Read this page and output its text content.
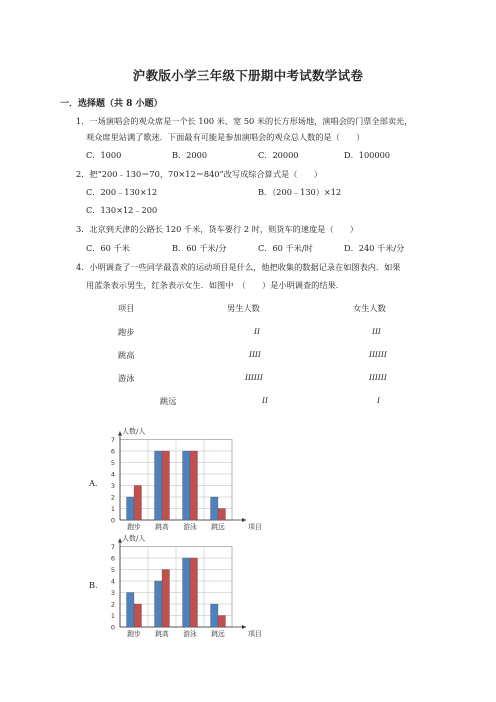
沪教版小学三年级下册期中考试数学试卷
一．选择题（共 8 小题）
1．一场演唱会的观众席是一个长 100 米、宽 50 米的长方形场地，演唱会的门票全部卖光，
观众席里站满了歌迷．下面最有可能是参加演唱会的观众总人数的是（　　）
C．1000	B．2000	C．20000	D．100000
2．把“200﹣130＝70，70×12＝840”改写成综合算式是（　　）
C．200﹣130×12	B．（200﹣130）×12
C．130×12﹣200
3．北京到天津的公路长 120 千米，货车要行 2 时，则货车的速度是（　　）
C．60 千米	B．60 千米/分	C．60 千米/时	D．240 千米/分
4．小明调查了一些同学最喜欢的运动项目是什么，他把收集的数据记录在如图表内．如果
用蓝条表示男生，红条表示女生．如图中　（　　）是小明调查的结果．
项目	男生人数	女生人数
跑步	II	III
跳高	IIII	IIIIII
游泳	IIIIII	IIIIII
跳远	II	I
A.
B.
0
1
2
3
4
5
6
7
人数/人
项目
跑步 跳高 游泳 跳远
0
1
2
3
4
5
6
7
人数/人
项目
跑步 跳高 游泳 跳远
